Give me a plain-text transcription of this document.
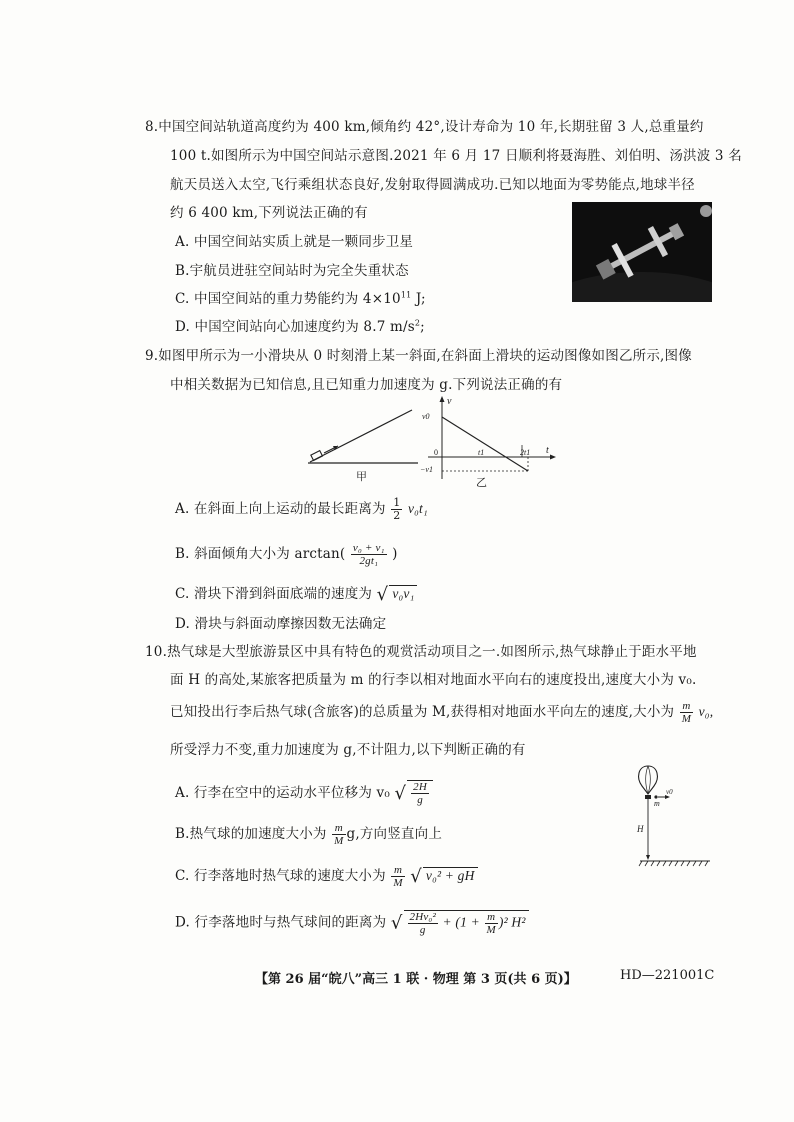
8.中国空间站轨道高度约为 400 km,倾角约 42°,设计寿命为 10 年,长期驻留 3 人,总重量约
100 t.如图所示为中国空间站示意图.2021 年 6 月 17 日顺利将聂海胜、刘伯明、汤洪波 3 名
航天员送入太空,飞行乘组状态良好,发射取得圆满成功.已知以地面为零势能点,地球半径
约 6 400 km,下列说法正确的有
A. 中国空间站实质上就是一颗同步卫星
B.宇航员进驻空间站时为完全失重状态
C. 中国空间站的重力势能约为 $4\times 10^{11}$ J;
D. 中国空间站向心加速度约为 8.7 $m/s^2$;
9.如图甲所示为一小滑块从 0 时刻滑上某一斜面,在斜面上滑块的运动图像如图乙所示,图像
中相关数据为已知信息,且已知重力加速度为 g.下列说法正确的有
甲
v
t
v0
−v1
0	t1	2t1
乙
A. 在斜面上向上运动的最长距离为 $\frac{1}{2} v_0t_1$
B. 斜面倾角大小为 $\arctan( \frac{\text{v₀ + v₁}}{\text{2gt₁}}$ )
C. 滑块下滑到斜面底端的速度为 √ v₀v₁
D. 滑块与斜面动摩擦因数无法确定
10.热气球是大型旅游景区中具有特色的观赏活动项目之一.如图所示,热气球静止于距水平地
面 H 的高处,某旅客把质量为 m 的行李以相对地面水平向右的速度投出,速度大小为 v₀.
已知投出行李后热气球(含旅客)的总质量为 M,获得相对地面水平向左的速度,大小为 $\frac{m}{M} v_0$,
所受浮力不变,重力加速度为 g,不计阻力,以下判断正确的有
A. 行李在空中的运动水平位移为 v₀ √ $\frac{2H}{g}$
B.热气球的加速度大小为 $\frac{m}{M} g$,方向竖直向上
C. 行李落地时热气球的速度大小为 $\frac{m}{M}$ √ v₀² + gH
D. 行李落地时与热气球间的距离为 √ $\frac{\text{2Hv₀²}}{g} + (1 + \frac{m}{M} )^2$ H²
v0
m
H
【第 26 届“皖八”高三 1 联 · 物理 第 3 页(共 6 页)】	HD—221001C
